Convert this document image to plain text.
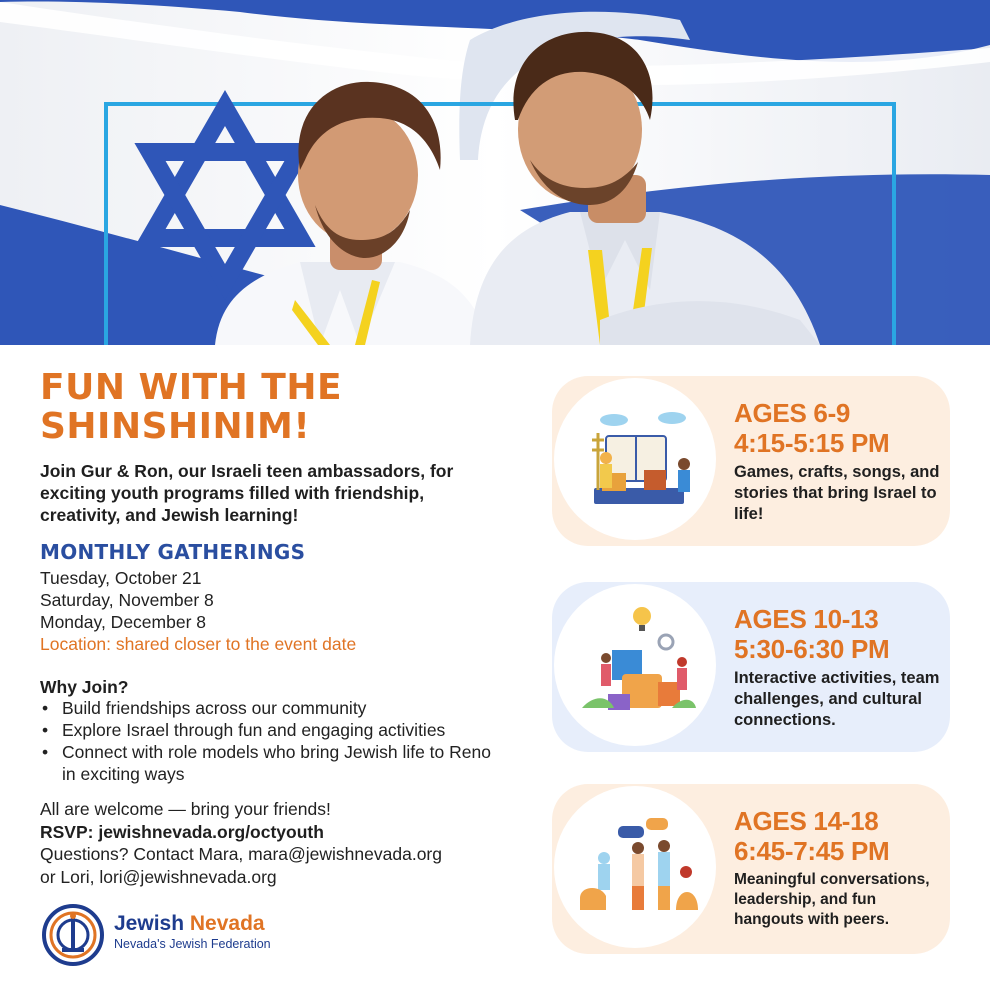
FUN WITH THE SHINSHINIM!
Join Gur & Ron, our Israeli teen ambassadors, for exciting youth programs filled with friendship, creativity, and Jewish learning!
MONTHLY GATHERINGS
Tuesday, October 21
Saturday, November 8
Monday, December 8
Location: shared closer to the event date
Why Join?
• Build friendships across our community
• Explore Israel through fun and engaging activities
• Connect with role models who bring Jewish life to Reno in exciting ways
All are welcome — bring your friends!
RSVP: jewishnevada.org/octyouth
Questions? Contact Mara, mara@jewishnevada.org
or Lori, lori@jewishnevada.org
Jewish Nevada
Nevada's Jewish Federation
AGES 6-9
4:15-5:15 PM
Games, crafts, songs, and stories that bring Israel to life!
AGES 10-13
5:30-6:30 PM
Interactive activities, team challenges, and cultural connections.
AGES 14-18
6:45-7:45 PM
Meaningful conversations, leadership, and fun hangouts with peers.
